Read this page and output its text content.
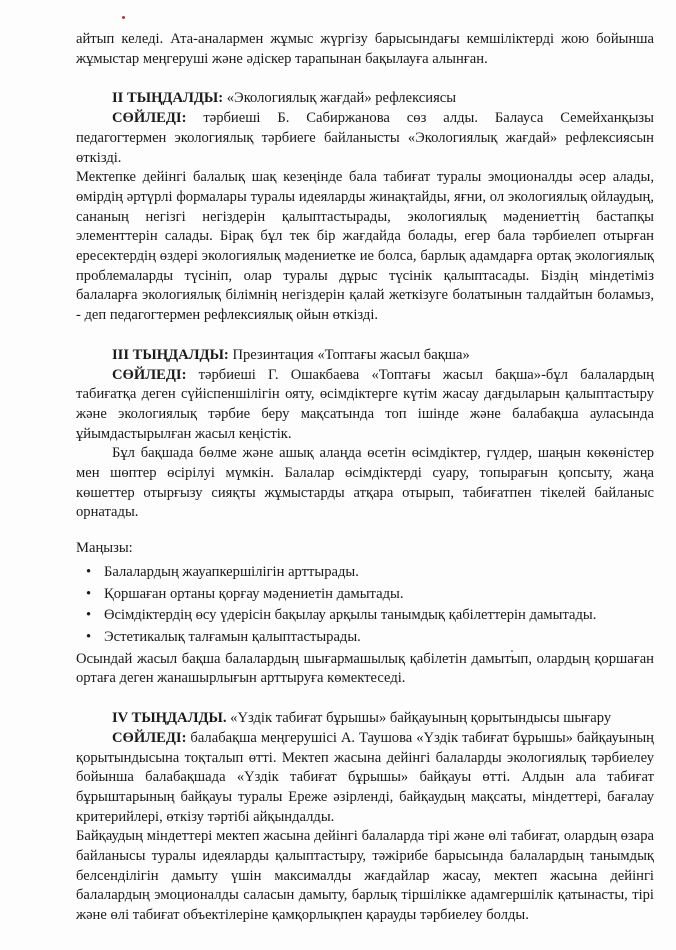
айтып келеді. Ата-аналармен жұмыс жүргізу барысындағы кемшіліктерді жою бойынша жұмыстар меңгеруші және әдіскер тарапынан бақылауға алынған.

II ТЫҢДАЛДЫ: «Экологиялық жағдай» рефлексиясы

СӨЙЛЕДІ: тәрбиеші Б. Сабиржанова сөз алды. Балауса Семейханқызы педагогтермен экологиялық тәрбиеге байланысты «Экологиялық жағдай» рефлексиясын өткізді.

Мектепке дейінгі балалық шақ кезеңінде бала табиғат туралы эмоционалды әсер алады, өмірдің әртүрлі формалары туралы идеяларды жинақтайды, яғни, ол экологиялық ойлаудың, сананың негізгі негіздерін қалыптастырады, экологиялық мәдениеттің бастапқы элементтерін салады. Бірақ бұл тек бір жағдайда болады, егер бала тәрбиелеп отырған ересектердің өздері экологиялық мәдениетке ие болса, барлық адамдарға ортақ экологиялық проблемаларды түсініп, олар туралы дұрыс түсінік қалыптасады. Біздің міндетіміз балаларға экологиялық білімнің негіздерін қалай жеткізуге болатынын талдайтын боламыз, - деп педагогтермен рефлексиялық ойын өткізді.

III ТЫҢДАЛДЫ: Презинтация «Топтағы жасыл бақша»

СӨЙЛЕДІ: тәрбиеші Г. Ошакбаева «Топтағы жасыл бақша»-бұл балалардың табиғатқа деген сүйіспеншілігін ояту, өсімдіктерге күтім жасау дағдыларын қалыптастыру және экологиялық тәрбие беру мақсатында топ ішінде және балабақша ауласында ұйымдастырылған жасыл кеңістік.

Бұл бақшада бөлме және ашық алаңда өсетін өсімдіктер, гүлдер, шаңын көкөністер мен шөптер өсірілуі мүмкін. Балалар өсімдіктерді суару, топырағын қопсыту, жаңа көшеттер отырғызу сияқты жұмыстарды атқара отырып, табиғатпен тікелей байланыс орнатады.

Маңызы:

• Балалардың жауапкершілігін арттырады.
• Қоршаған ортаны қорғау мәдениетін дамытады.
• Өсімдіктердің өсу үдерісін бақылау арқылы танымдық қабілеттерін дамытады.
• Эстетикалық талғамын қалыптастырады.

Осындай жасыл бақша балалардың шығармашылық қабілетін дамытып, олардың қоршаған ортаға деген жанашырлығын арттыруға көмектеседі.

IV ТЫҢДАЛДЫ. «Үздік табиғат бұрышы» байқауының қорытындысы шығару

СӨЙЛЕДІ: балабақша меңгерушісі А. Таушова «Үздік табиғат бұрышы» байқауының қорытындысына тоқталып өтті. Мектеп жасына дейінгі балаларды экологиялық тәрбиелеу бойынша балабақшада «Үздік табиғат бұрышы» байқауы өтті. Алдын ала табиғат бұрыштарының байқауы туралы Ереже әзірленді, байқаудың мақсаты, міндеттері, бағалау критерийлері, өткізу тәртібі айқындалды.

Байқаудың міндеттері мектеп жасына дейінгі балаларда тірі және өлі табиғат, олардың өзара байланысы туралы идеяларды қалыптастыру, тәжірибе барысында балалардың танымдық белсенділігін дамыту үшін максималды жағдайлар жасау, мектеп жасына дейінгі балалардың эмоционалды саласын дамыту, барлық тіршілікке адамгершілік қатынасты, тірі және өлі табиғат объектілеріне қамқорлықпен қарауды тәрбиелеу болды.
